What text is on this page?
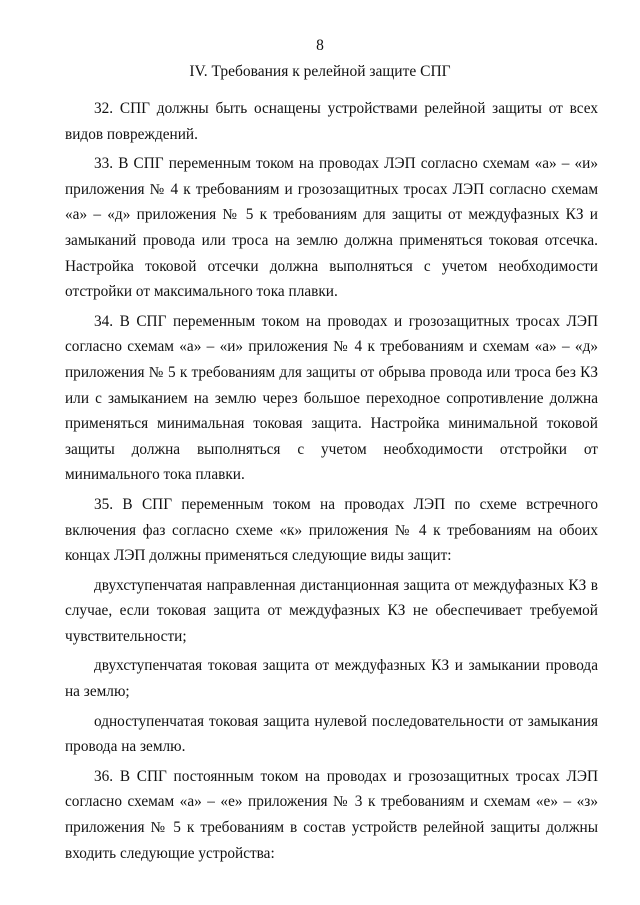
8
IV. Требования к релейной защите СПГ

32. СПГ должны быть оснащены устройствами релейной защиты от всех видов повреждений.

33. В СПГ переменным током на проводах ЛЭП согласно схемам «а» – «и» приложения № 4 к требованиям и грозозащитных тросах ЛЭП согласно схемам «а» – «д» приложения № 5 к требованиям для защиты от междуфазных КЗ и замыканий провода или троса на землю должна применяться токовая отсечка. Настройка токовой отсечки должна выполняться с учетом необходимости отстройки от максимального тока плавки.

34. В СПГ переменным током на проводах и грозозащитных тросах ЛЭП согласно схемам «а» – «и» приложения № 4 к требованиям и схемам «а» – «д» приложения № 5 к требованиям для защиты от обрыва провода или троса без КЗ или с замыканием на землю через большое переходное сопротивление должна применяться минимальная токовая защита. Настройка минимальной токовой защиты должна выполняться с учетом необходимости отстройки от минимального тока плавки.

35. В СПГ переменным током на проводах ЛЭП по схеме встречного включения фаз согласно схеме «к» приложения № 4 к требованиям на обоих концах ЛЭП должны применяться следующие виды защит:

двухступенчатая направленная дистанционная защита от междуфазных КЗ в случае, если токовая защита от междуфазных КЗ не обеспечивает требуемой чувствительности;

двухступенчатая токовая защита от междуфазных КЗ и замыкании провода на землю;

одноступенчатая токовая защита нулевой последовательности от замыкания провода на землю.

36. В СПГ постоянным током на проводах и грозозащитных тросах ЛЭП согласно схемам «а» – «е» приложения № 3 к требованиям и схемам «е» – «з» приложения № 5 к требованиям в состав устройств релейной защиты должны входить следующие устройства:
